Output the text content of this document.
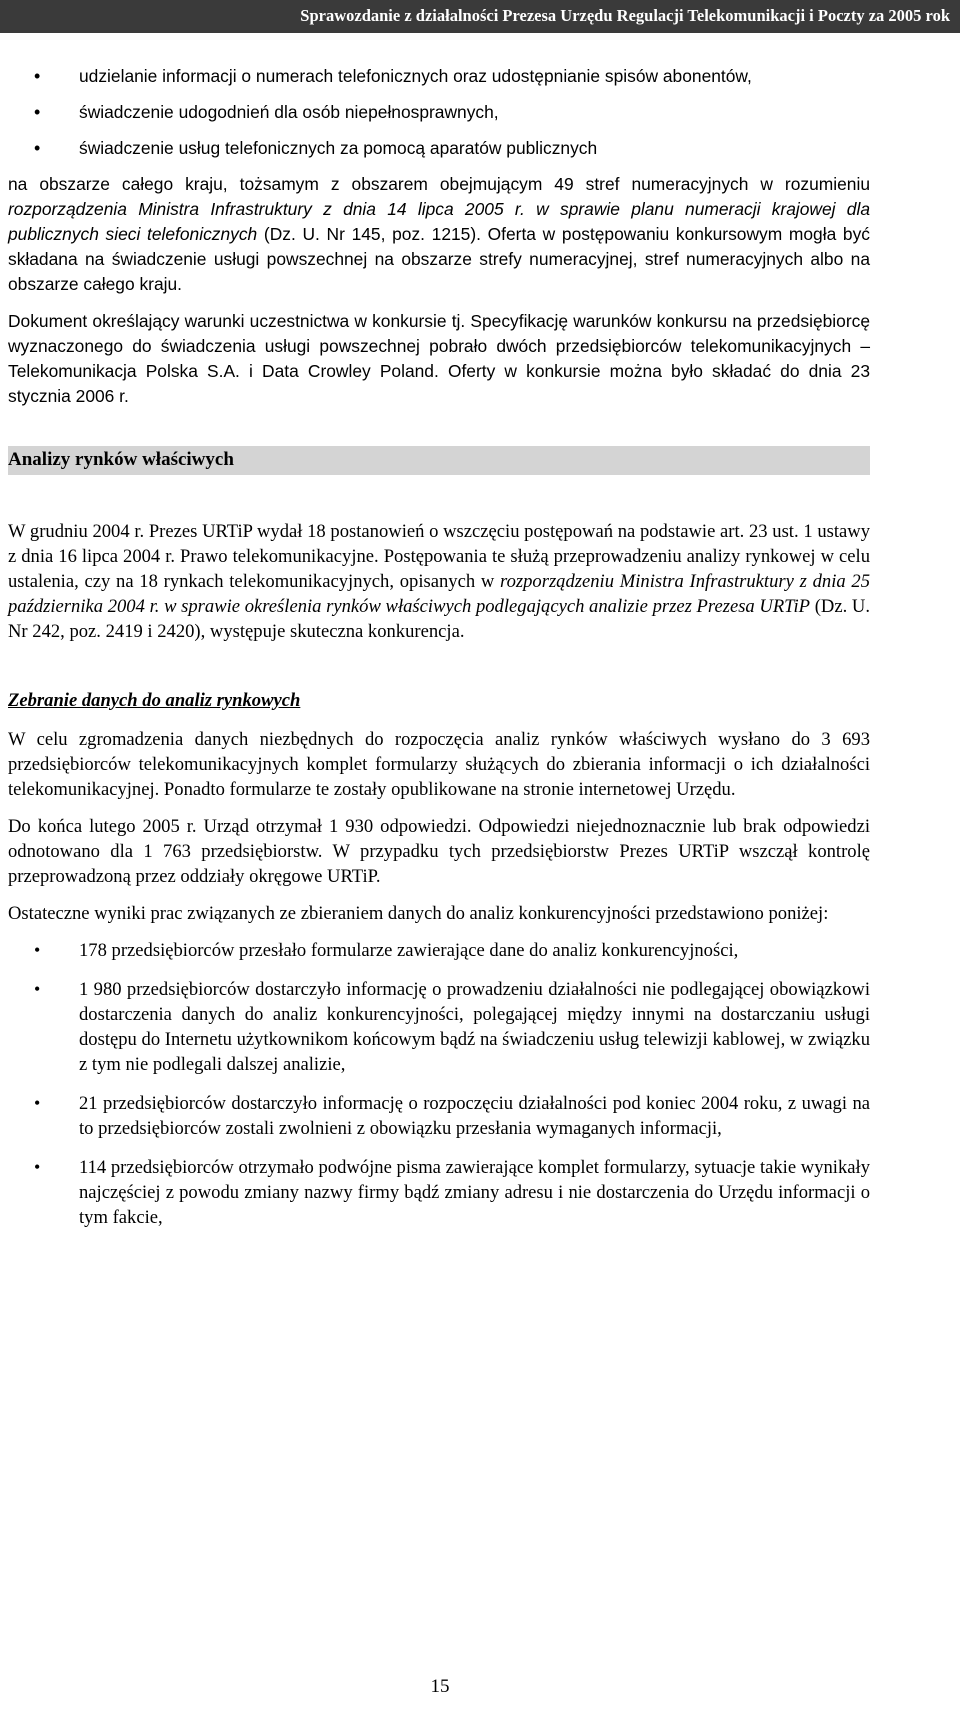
Sprawozdanie z działalności Prezesa Urzędu Regulacji Telekomunikacji i Poczty za 2005 rok
• udzielanie informacji o numerach telefonicznych oraz udostępnianie spisów abonentów,
• świadczenie udogodnień dla osób niepełnosprawnych,
• świadczenie usług telefonicznych za pomocą aparatów publicznych

na obszarze całego kraju, tożsamym z obszarem obejmującym 49 stref numeracyjnych w rozumieniu rozporządzenia Ministra Infrastruktury z dnia 14 lipca 2005 r. w sprawie planu numeracji krajowej dla publicznych sieci telefonicznych (Dz. U. Nr 145, poz. 1215). Oferta w postępowaniu konkursowym mogła być składana na świadczenie usługi powszechnej na obszarze strefy numeracyjnej, stref numeracyjnych albo na obszarze całego kraju.

Dokument określający warunki uczestnictwa w konkursie tj. Specyfikację warunków konkursu na przedsiębiorcę wyznaczonego do świadczenia usługi powszechnej pobrało dwóch przedsiębiorców telekomunikacyjnych – Telekomunikacja Polska S.A. i Data Crowley Poland. Oferty w konkursie można było składać do dnia 23 stycznia 2006 r.

Analizy rynków właściwych

W grudniu 2004 r. Prezes URTiP wydał 18 postanowień o wszczęciu postępowań na podstawie art. 23 ust. 1 ustawy z dnia 16 lipca 2004 r. Prawo telekomunikacyjne. Postępowania te służą przeprowadzeniu analizy rynkowej w celu ustalenia, czy na 18 rynkach telekomunikacyjnych, opisanych w rozporządzeniu Ministra Infrastruktury z dnia 25 października 2004 r. w sprawie określenia rynków właściwych podlegających analizie przez Prezesa URTiP (Dz. U. Nr 242, poz. 2419 i 2420), występuje skuteczna konkurencja.

Zebranie danych do analiz rynkowych

W celu zgromadzenia danych niezbędnych do rozpoczęcia analiz rynków właściwych wysłano do 3 693 przedsiębiorców telekomunikacyjnych komplet formularzy służących do zbierania informacji o ich działalności telekomunikacyjnej. Ponadto formularze te zostały opublikowane na stronie internetowej Urzędu.

Do końca lutego 2005 r. Urząd otrzymał 1 930 odpowiedzi. Odpowiedzi niejednoznacznie lub brak odpowiedzi odnotowano dla 1 763 przedsiębiorstw. W przypadku tych przedsiębiorstw Prezes URTiP wszczął kontrolę przeprowadzoną przez oddziały okręgowe URTiP.

Ostateczne wyniki prac związanych ze zbieraniem danych do analiz konkurencyjności przedstawiono poniżej:

• 178 przedsiębiorców przesłało formularze zawierające dane do analiz konkurencyjności,
• 1 980 przedsiębiorców dostarczyło informację o prowadzeniu działalności nie podlegającej obowiązkowi dostarczenia danych do analiz konkurencyjności, polegającej między innymi na dostarczaniu usługi dostępu do Internetu użytkownikom końcowym bądź na świadczeniu usług telewizji kablowej, w związku z tym nie podlegali dalszej analizie,
• 21 przedsiębiorców dostarczyło informację o rozpoczęciu działalności pod koniec 2004 roku, z uwagi na to przedsiębiorców zostali zwolnieni z obowiązku przesłania wymaganych informacji,
• 114 przedsiębiorców otrzymało podwójne pisma zawierające komplet formularzy, sytuacje takie wynikały najczęściej z powodu zmiany nazwy firmy bądź zmiany adresu i nie dostarczenia do Urzędu informacji o tym fakcie,
15
